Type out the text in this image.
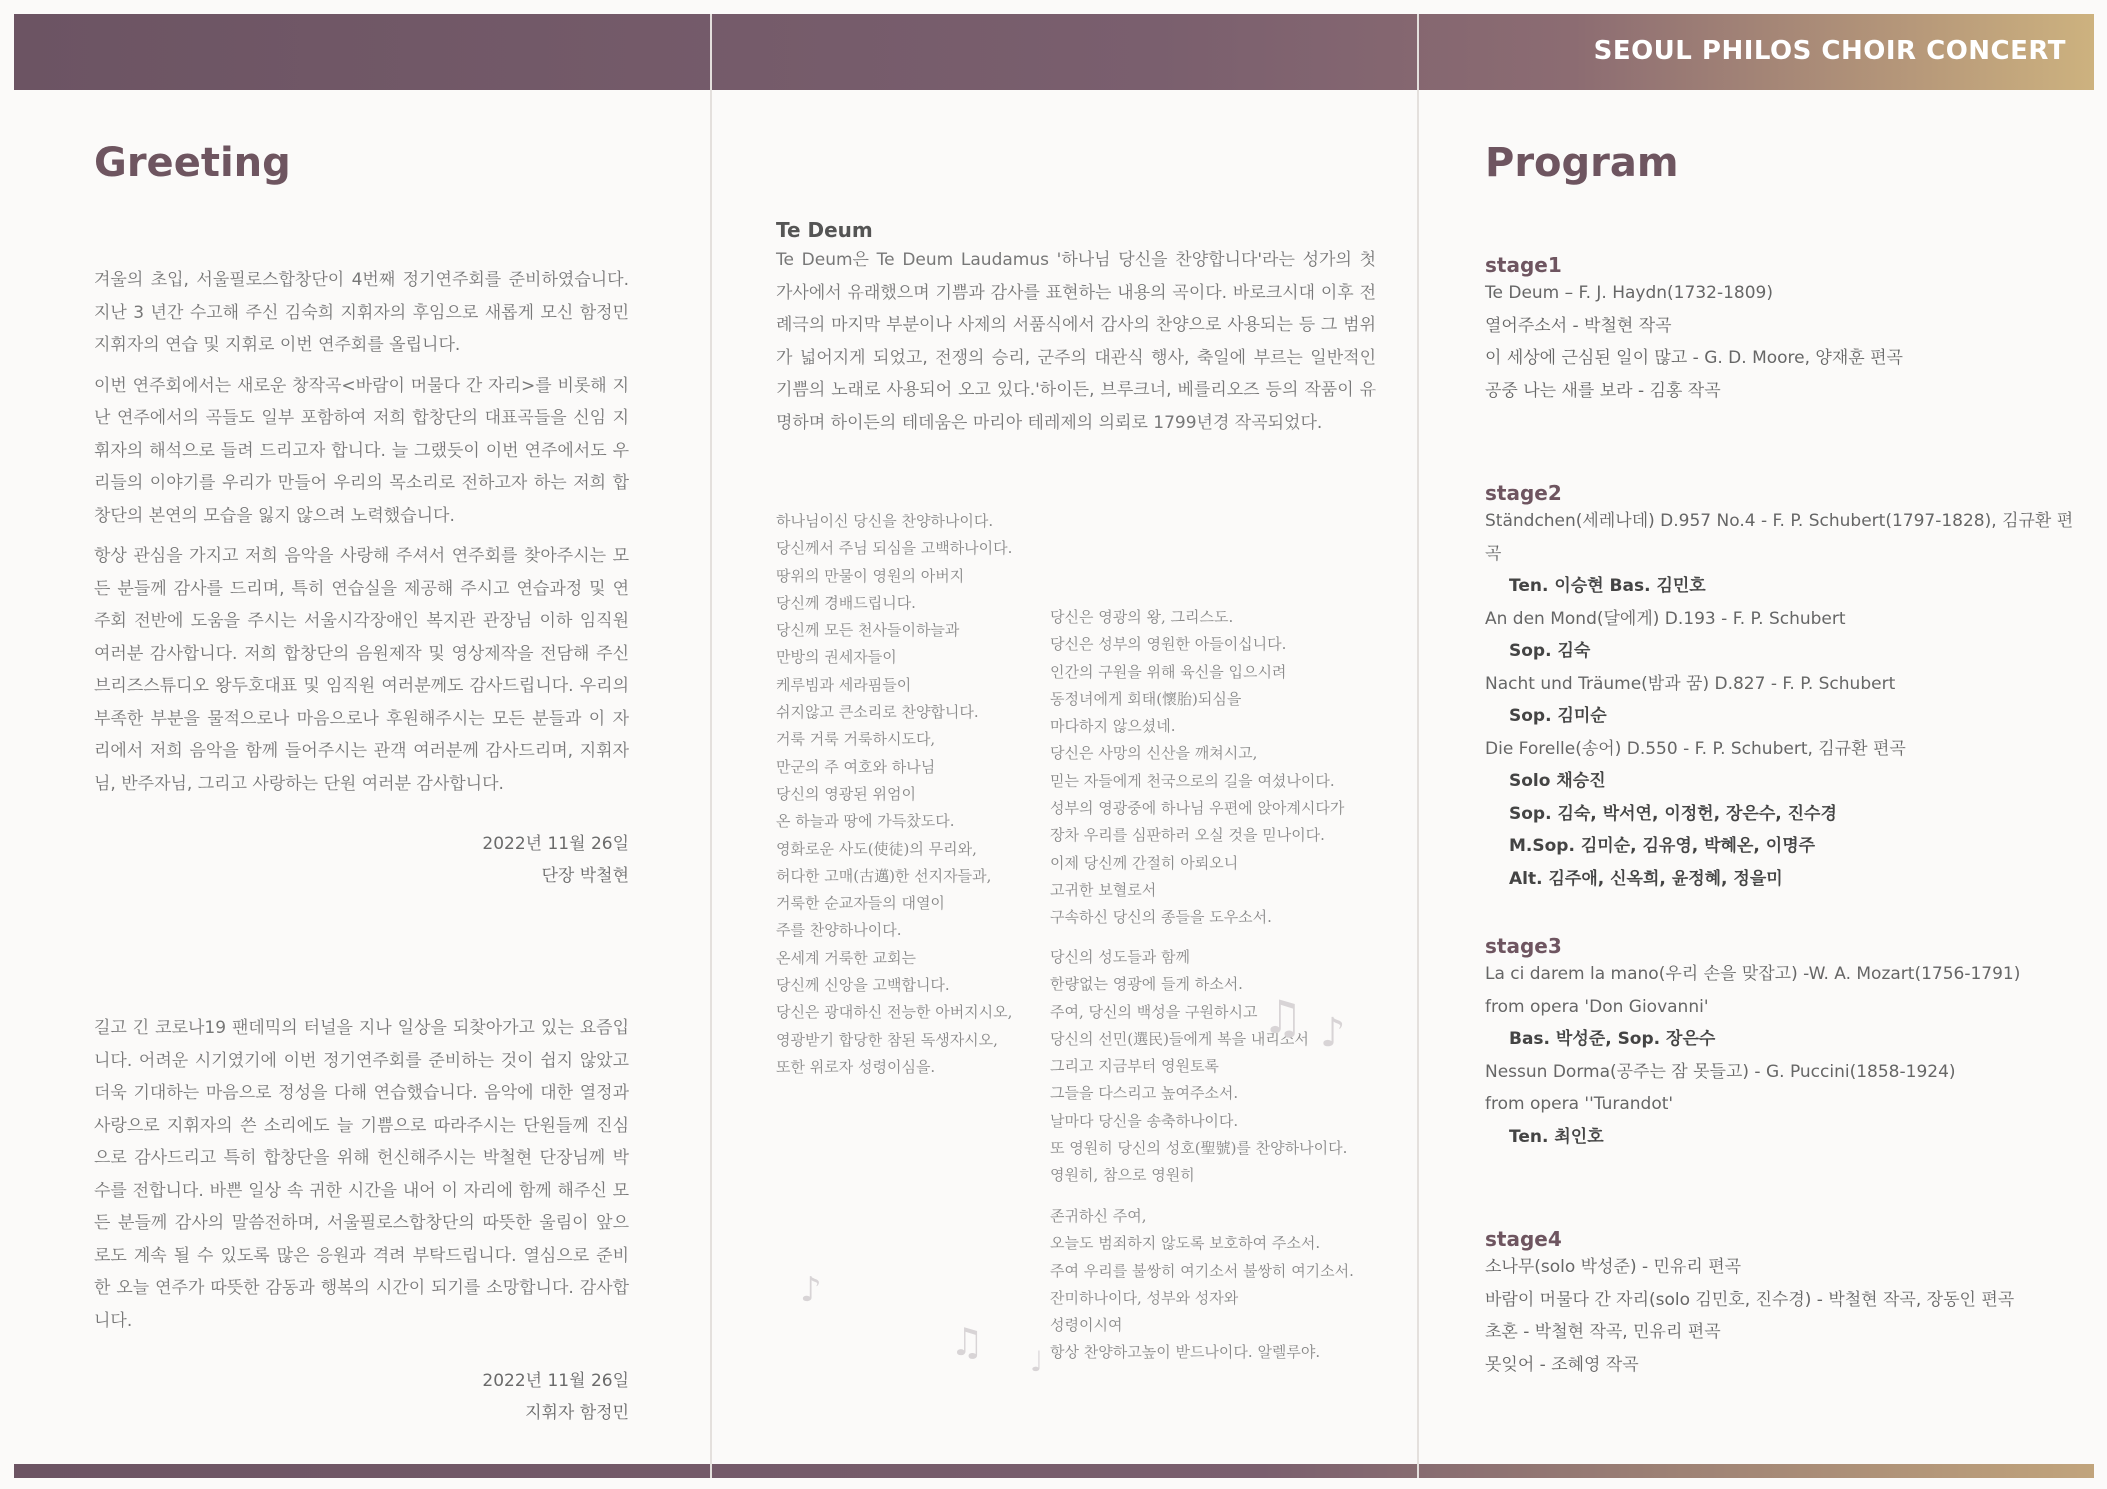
SEOUL PHILOS CHOIR CONCERT
Greeting

겨울의 초입, 서울필로스합창단이 4번째 정기연주회를 준비하였습니다. 지난 3 년간 수고해 주신 김숙희 지휘자의 후임으로 새롭게 모신 함정민 지휘자의 연습 및 지휘로 이번 연주회를 올립니다.

이번 연주회에서는 새로운 창작곡<바람이 머물다 간 자리>를 비롯해 지난 연주에서의 곡들도 일부 포함하여 저희 합창단의 대표곡들을 신임 지휘자의 해석으로 들려 드리고자 합니다. 늘 그랬듯이 이번 연주에서도 우리들의 이야기를 우리가 만들어 우리의 목소리로 전하고자 하는 저희 합창단의 본연의 모습을 잃지 않으려 노력했습니다.

항상 관심을 가지고 저희 음악을 사랑해 주셔서 연주회를 찾아주시는 모든 분들께 감사를 드리며, 특히 연습실을 제공해 주시고 연습과정 및 연주회 전반에 도움을 주시는 서울시각장애인 복지관 관장님 이하 임직원 여러분 감사합니다. 저희 합창단의 음원제작 및 영상제작을 전담해 주신 브리즈스튜디오 왕두호대표 및 임직원 여러분께도 감사드립니다. 우리의 부족한 부분을 물적으로나 마음으로나 후원해주시는 모든 분들과 이 자리에서 저희 음악을 함께 들어주시는 관객 여러분께 감사드리며, 지휘자님, 반주자님, 그리고 사랑하는 단원 여러분 감사합니다.

2022년 11월 26일
단장 박철현

길고 긴 코로나19 팬데믹의 터널을 지나 일상을 되찾아가고 있는 요즘입니다. 어려운 시기였기에 이번 정기연주회를 준비하는 것이 쉽지 않았고 더욱 기대하는 마음으로 정성을 다해 연습했습니다. 음악에 대한 열정과 사랑으로 지휘자의 쓴 소리에도 늘 기쁨으로 따라주시는 단원들께 진심으로 감사드리고 특히 합창단을 위해 헌신해주시는 박철현 단장님께 박수를 전합니다. 바쁜 일상 속 귀한 시간을 내어 이 자리에 함께 해주신 모든 분들께 감사의 말씀전하며, 서울필로스합창단의 따뜻한 울림이 앞으로도 계속 될 수 있도록 많은 응원과 격려 부탁드립니다. 열심으로 준비한 오늘 연주가 따뜻한 감동과 행복의 시간이 되기를 소망합니다. 감사합니다.

2022년 11월 26일
지휘자 함정민
Te Deum
Te Deum은 Te Deum Laudamus '하나님 당신을 찬양합니다'라는 성가의 첫 가사에서 유래했으며 기쁨과 감사를 표현하는 내용의 곡이다. 바로크시대 이후 전례극의 마지막 부분이나 사제의 서품식에서 감사의 찬양으로 사용되는 등 그 범위가 넓어지게 되었고, 전쟁의 승리, 군주의 대관식 행사, 축일에 부르는 일반적인 기쁨의 노래로 사용되어 오고 있다.'하이든, 브루크너, 베를리오즈 등의 작품이 유명하며 하이든의 테데움은 마리아 테레제의 의뢰로 1799년경 작곡되었다.
하나님이신 당신을 찬양하나이다.
당신께서 주님 되심을 고백하나이다.
땅위의 만물이 영원의 아버지
당신께 경배드립니다.
당신께 모든 천사들이하늘과
만방의 권세자들이
케루빔과 세라핌들이
쉬지않고 큰소리로 찬양합니다.
거룩 거룩 거룩하시도다,
만군의 주 여호와 하나님
당신의 영광된 위엄이
온 하늘과 땅에 가득찼도다.
영화로운 사도(使徒)의 무리와,
허다한 고매(古邁)한 선지자들과,
거룩한 순교자들의 대열이
주를 찬양하나이다.
온세계 거룩한 교회는
당신께 신앙을 고백합니다.
당신은 광대하신 전능한 아버지시오,
영광받기 합당한 참된 독생자시오,
또한 위로자 성령이심을.
당신은 영광의 왕, 그리스도.
당신은 성부의 영원한 아들이십니다.
인간의 구원을 위해 육신을 입으시려
동정녀에게 회태(懷胎)되심을
마다하지 않으셨네.
당신은 사망의 신산을 깨쳐시고,
믿는 자들에게 천국으로의 길을 여셨나이다.
성부의 영광중에 하나님 우편에 앉아계시다가
장차 우리를 심판하러 오실 것을 믿나이다.
이제 당신께 간절히 아뢰오니
고귀한 보혈로서
구속하신 당신의 종들을 도우소서.
당신의 성도들과 함께
한량없는 영광에 들게 하소서.
주여, 당신의 백성을 구원하시고
당신의 선민(選民)들에게 복을 내리소서
그리고 지금부터 영원토록
그들을 다스리고 높여주소서.
날마다 당신을 송축하나이다.
또 영원히 당신의 성호(聖號)를 찬양하나이다.
영원히, 참으로 영원히
존귀하신 주여,
오늘도 범죄하지 않도록 보호하여 주소서.
주여 우리를 불쌍히 여기소서 불쌍히 여기소서.
잔미하나이다, 성부와 성자와
성령이시여
항상 찬양하고높이 받드나이다. 알렐루야.
♫ ♪
♪
♫ ♩
Program
stage1
Te Deum – F. J. Haydn(1732-1809)
열어주소서 - 박철현 작곡
이 세상에 근심된 일이 많고 - G. D. Moore, 양재훈 편곡
공중 나는 새를 보라 - 김홍 작곡
stage2
Ständchen(세레나데) D.957 No.4 - F. P. Schubert(1797-1828), 김규환 편곡
Ten. 이승현 Bas. 김민호
An den Mond(달에게) D.193 - F. P. Schubert
Sop. 김숙
Nacht und Träume(밤과 꿈) D.827 - F. P. Schubert
Sop. 김미순
Die Forelle(송어) D.550 - F. P. Schubert, 김규환 편곡
Solo 채승진
Sop. 김숙, 박서연, 이정헌, 장은수, 진수경
M.Sop. 김미순, 김유영, 박혜온, 이명주
Alt. 김주애, 신옥희, 윤정혜, 정을미
stage3
La ci darem la mano(우리 손을 맞잡고) -W. A. Mozart(1756-1791)
from opera 'Don Giovanni'
Bas. 박성준, Sop. 장은수
Nessun Dorma(공주는 잠 못들고) - G. Puccini(1858-1924)
from opera ''Turandot'
Ten. 최인호
stage4
소나무(solo 박성준) - 민유리 편곡
바람이 머물다 간 자리(solo 김민호, 진수경) - 박철현 작곡, 장동인 편곡
초혼 - 박철현 작곡, 민유리 편곡
못잊어 - 조혜영 작곡
